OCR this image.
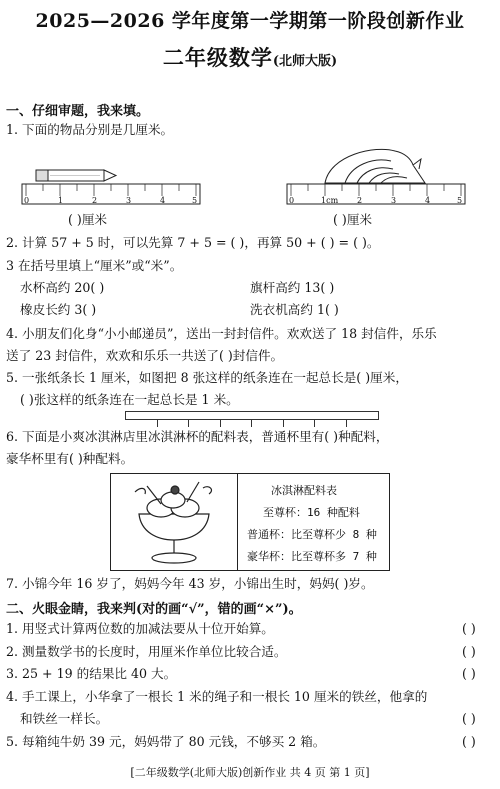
2025—2026 学年度第一学期第一阶段创新作业
二年级数学(北师大版)
一、仔细审题，我来填。
1. 下面的物品分别是几厘米。
0	1	2	3	4	5	0	1cm 2	3	4	5
( )厘米	( )厘米
2. 计算 57 + 5 时，可以先算 7 + 5 = ( )，再算 50 + ( ) = ( )。
3 在括号里填上“厘米”或“米”。
水杯高约 20( )	旗杆高约 13( )
橡皮长约 3( )	洗衣机高约 1( )
4. 小朋友们化身“小小邮递员”，送出一封封信件。欢欢送了 18 封信件，乐乐
送了 23 封信件，欢欢和乐乐一共送了( )封信件。
5. 一张纸条长 1 厘米，如图把 8 张这样的纸条连在一起总长是( )厘米，
( )张这样的纸条连在一起总长是 1 米。
6. 下面是小爽冰淇淋店里冰淇淋杯的配料表，普通杯里有( )种配料，
豪华杯里有( )种配料。
冰淇淋配料表
至尊杯：16 种配料
普通杯：比至尊杯少 8 种
豪华杯：比至尊杯多 7 种
7. 小锦今年 16 岁了，妈妈今年 43 岁，小锦出生时，妈妈( )岁。
二、火眼金睛，我来判(对的画“√”，错的画“×”)。
1. 用竖式计算两位数的加减法要从十位开始算。	( )
2. 测量数学书的长度时，用厘米作单位比较合适。	( )
3. 25 + 19 的结果比 40 大。	( )
4. 手工课上，小华拿了一根长 1 米的绳子和一根长 10 厘米的铁丝，他拿的
和铁丝一样长。	( )
5. 每箱纯牛奶 39 元，妈妈带了 80 元钱，不够买 2 箱。	( )
[二年级数学(北师大版)创新作业 共 4 页 第 1 页]
